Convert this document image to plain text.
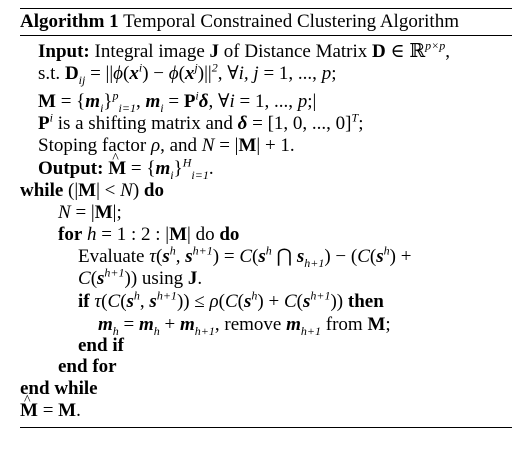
Algorithm 1 Temporal Constrained Clustering Algorithm
Input: Integral image J of Distance Matrix D ∈ ℝ$^{p\times p}$,
s.t. $D_{ij} = ||\phi(x^i) - \phi(x^j)||^2$, ∀i, j = 1, ..., p;
$M = \{m_i\}^p_{i=1}$, $m_i = P^i\delta$, ∀i = 1, ..., p;|
$P^i$ is a shifting matrix and δ = [1, 0, ..., 0]$^T$;
Stoping factor ρ, and N = |M| + 1.
Output: ^ $M = \{m_i\}^H_{i=1}$.
while (|M| < N) do
N = |M|;
for h = 1 : 2 : |M| do do
Evaluate $\tau(s^h$, $s^{h+1}) = C(s^h$ ⋂ $s_{h+1}) - (C(s^h)$ +
$C(s^{h+1})$) using J.
if $\tau(C(s^h$, $s^{h+1})) \le \rho(C(s^h) + C(s^{h+1}))$ then
$m_h = m_h + m_{h+1}$, remove $m_{h+1}$ from M;
end if
end for
end while
^ M = M.
